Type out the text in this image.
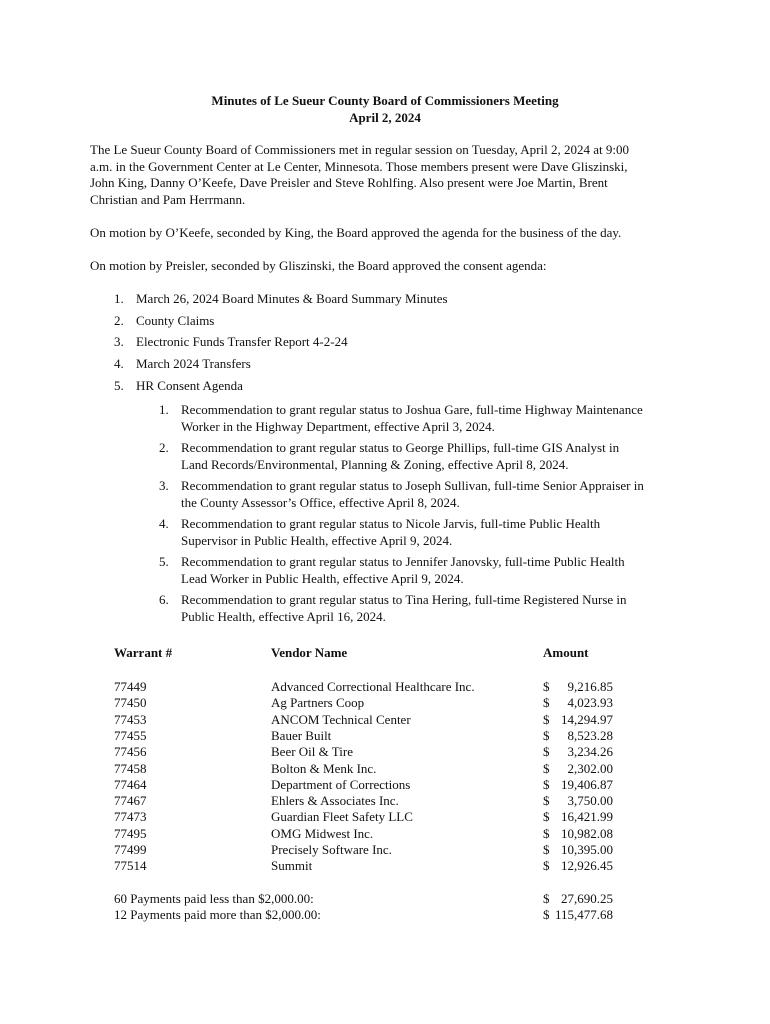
Minutes of Le Sueur County Board of Commissioners Meeting
April 2, 2024
The Le Sueur County Board of Commissioners met in regular session on Tuesday, April 2, 2024 at 9:00
a.m. in the Government Center at Le Center, Minnesota. Those members present were Dave Gliszinski,
John King, Danny O’Keefe, Dave Preisler and Steve Rohlfing. Also present were Joe Martin, Brent
Christian and Pam Herrmann.
On motion by O’Keefe, seconded by King, the Board approved the agenda for the business of the day.
On motion by Preisler, seconded by Gliszinski, the Board approved the consent agenda:
1. March 26, 2024 Board Minutes & Board Summary Minutes
2. County Claims
3. Electronic Funds Transfer Report 4-2-24
4. March 2024 Transfers
5. HR Consent Agenda
1. Recommendation to grant regular status to Joshua Gare, full-time Highway Maintenance
Worker in the Highway Department, effective April 3, 2024.
2. Recommendation to grant regular status to George Phillips, full-time GIS Analyst in
Land Records/Environmental, Planning & Zoning, effective April 8, 2024.
3. Recommendation to grant regular status to Joseph Sullivan, full-time Senior Appraiser in
the County Assessor’s Office, effective April 8, 2024.
4. Recommendation to grant regular status to Nicole Jarvis, full-time Public Health
Supervisor in Public Health, effective April 9, 2024.
5. Recommendation to grant regular status to Jennifer Janovsky, full-time Public Health
Lead Worker in Public Health, effective April 9, 2024.
6. Recommendation to grant regular status to Tina Hering, full-time Registered Nurse in
Public Health, effective April 16, 2024.
Warrant #	Vendor Name	Amount
77449	Advanced Correctional Healthcare Inc.	$ 9,216.85
77450	Ag Partners Coop	$ 4,023.93
77453	ANCOM Technical Center	$ 14,294.97
77455	Bauer Built	$ 8,523.28
77456	Beer Oil & Tire	$ 3,234.26
77458	Bolton & Menk Inc.	$ 2,302.00
77464	Department of Corrections	$ 19,406.87
77467	Ehlers & Associates Inc.	$ 3,750.00
77473	Guardian Fleet Safety LLC	$ 16,421.99
77495	OMG Midwest Inc.	$ 10,982.08
77499	Precisely Software Inc.	$ 10,395.00
77514	Summit	$ 12,926.45
60 Payments paid less than $2,000.00:	$ 27,690.25
12 Payments paid more than $2,000.00:	$ 115,477.68
